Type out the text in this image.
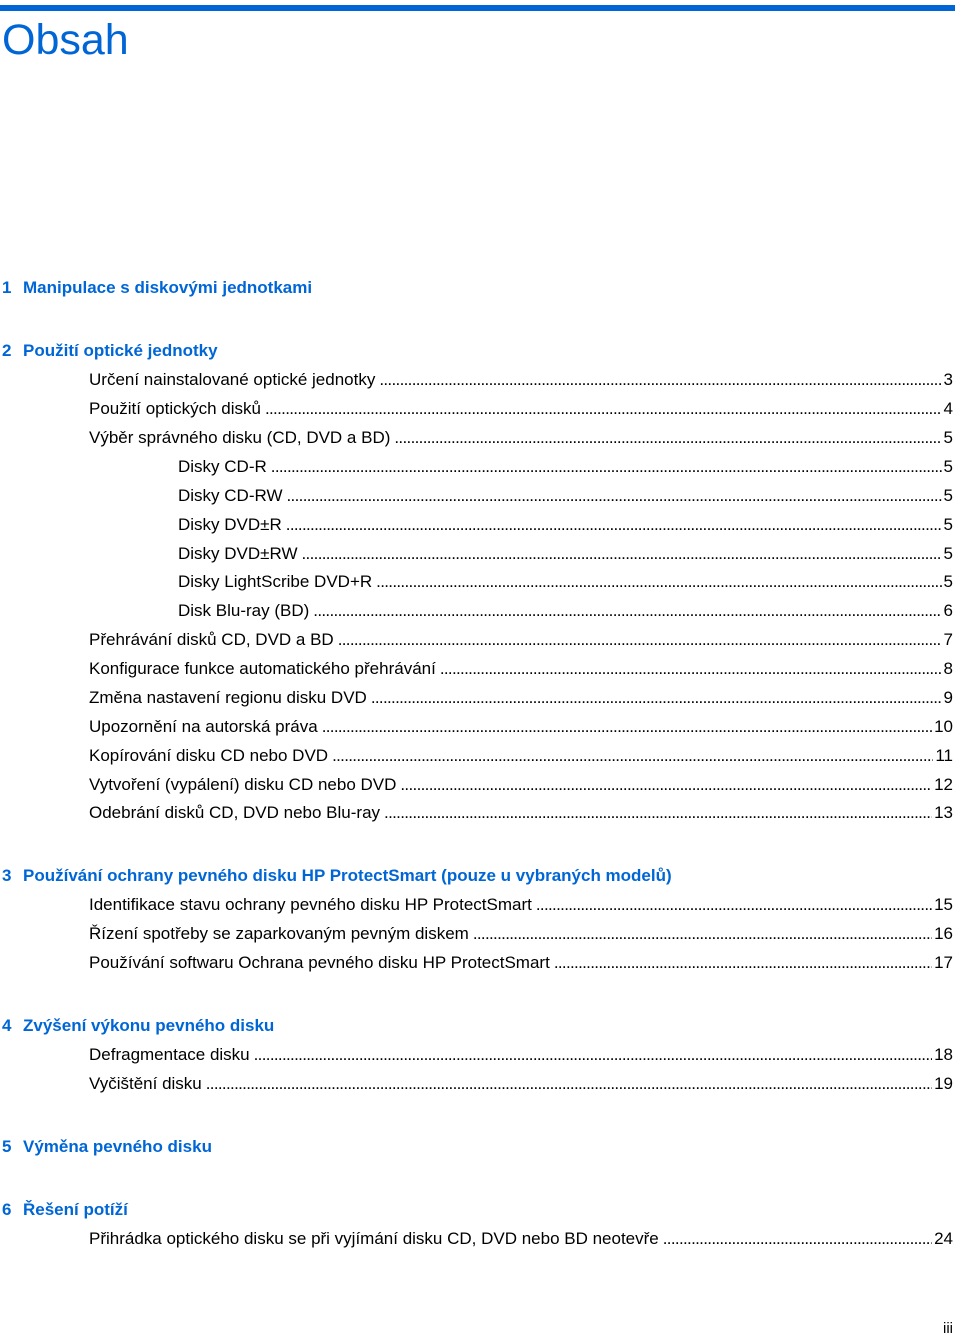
Obsah
1 Manipulace s diskovými jednotkami
2 Použití optické jednotky
Určení nainstalované optické jednotky . . .	3
Použití optických disků . . .	4
Výběr správného disku (CD, DVD a BD) . . .	5
Disky CD-R . . .	5
Disky CD-RW . . .	5
Disky DVD±R . . .	5
Disky DVD±RW . . .	5
Disky LightScribe DVD+R . . .	5
Disk Blu-ray (BD) . . .	6
Přehrávání disků CD, DVD a BD . . .	7
Konfigurace funkce automatického přehrávání . . .	8
Změna nastavení regionu disku DVD . . .	9
Upozornění na autorská práva . . .	10
Kopírování disku CD nebo DVD . . .	11
Vytvoření (vypálení) disku CD nebo DVD . . .	12
Odebrání disků CD, DVD nebo Blu-ray . . .	13
3 Používání ochrany pevného disku HP ProtectSmart (pouze u vybraných modelů)
Identifikace stavu ochrany pevného disku HP ProtectSmart . . .	15
Řízení spotřeby se zaparkovaným pevným diskem . . .	16
Používání softwaru Ochrana pevného disku HP ProtectSmart . . .	17
4 Zvýšení výkonu pevného disku
Defragmentace disku . . .	18
Vyčištění disku . . .	19
5 Výměna pevného disku
6 Řešení potíží
Přihrádka optického disku se při vyjímání disku CD, DVD nebo BD neotevře . . .	24
iii
